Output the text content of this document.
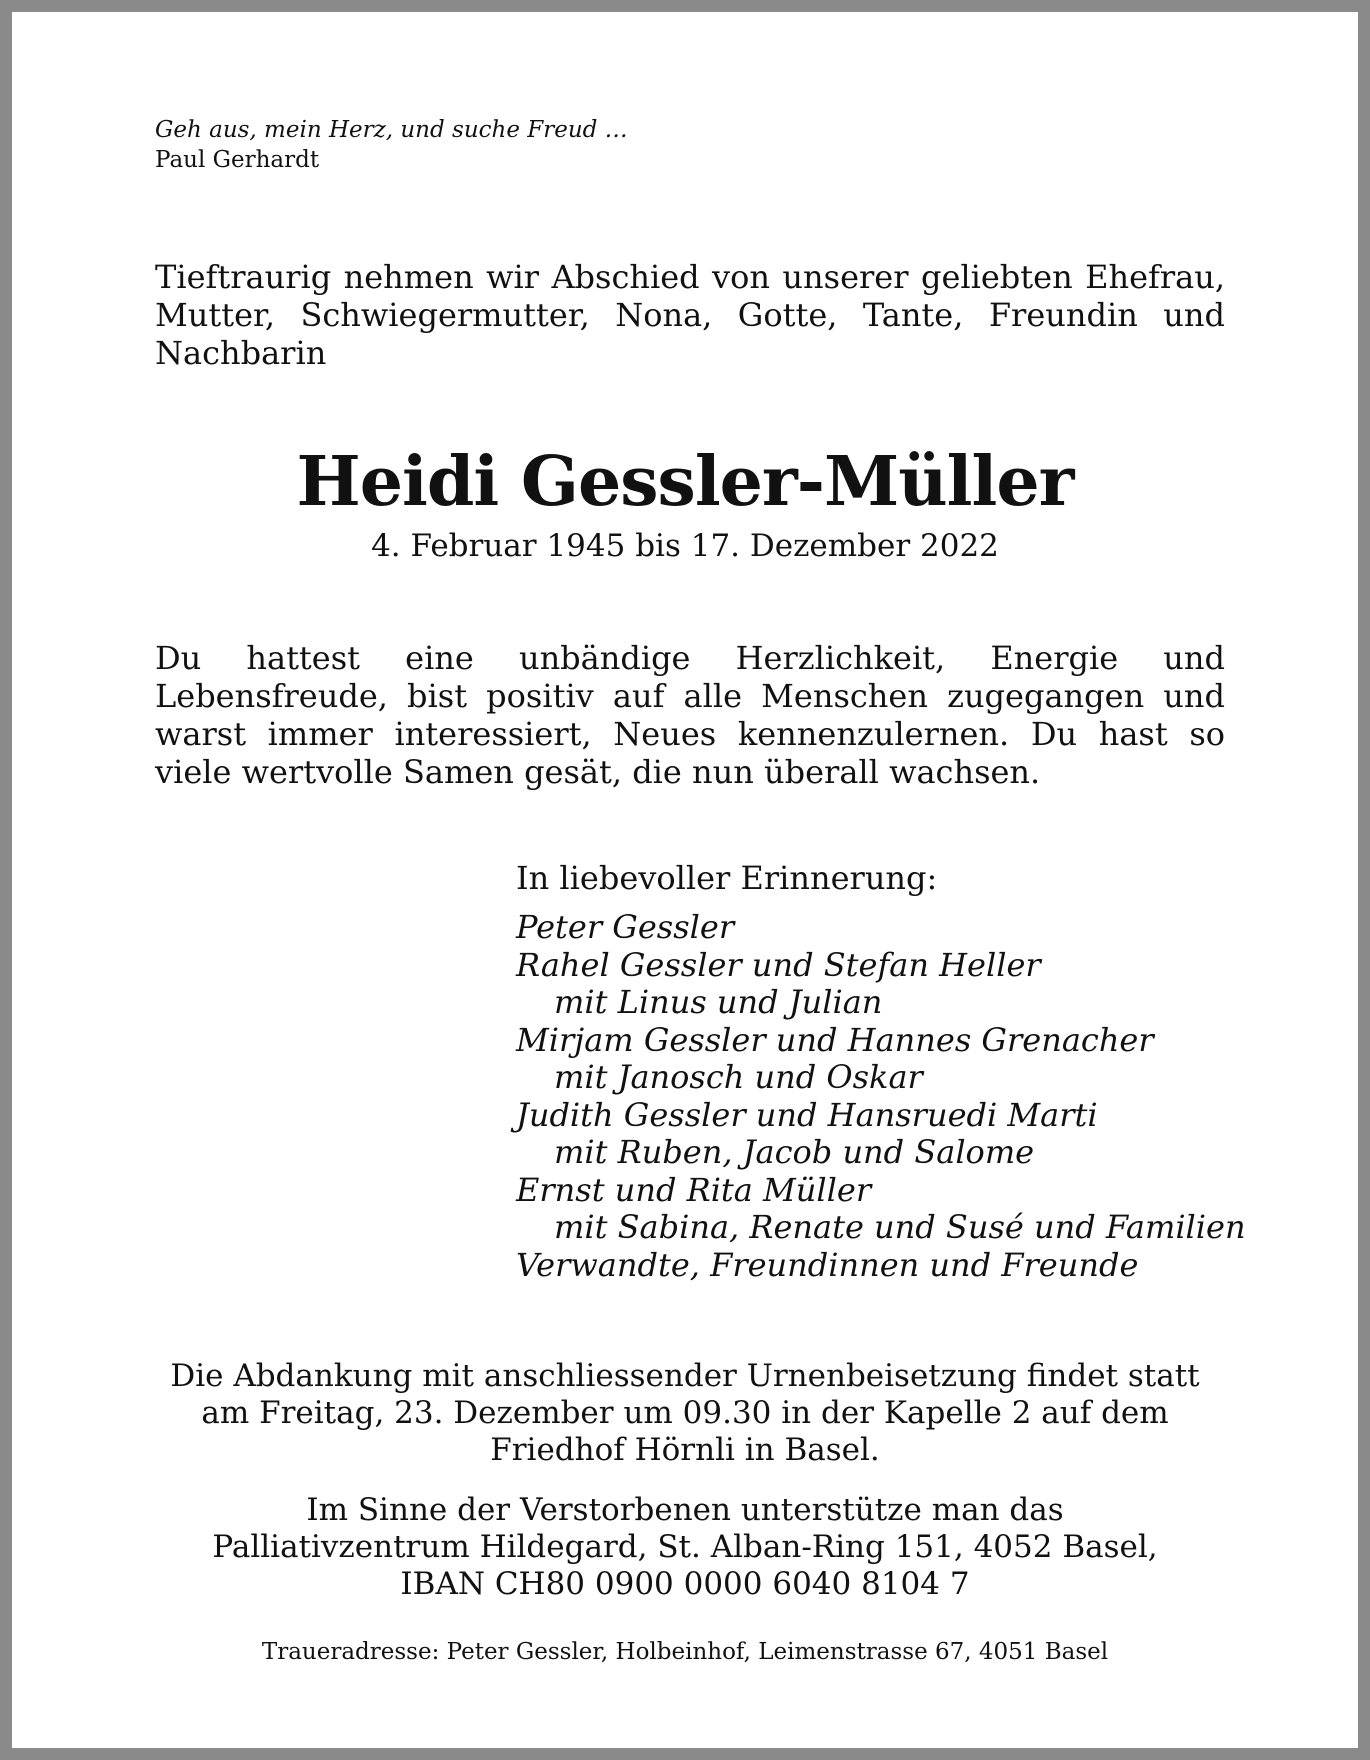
Geh aus, mein Herz, und suche Freud …
Paul Gerhardt
Tieftraurig nehmen wir Abschied von unserer geliebten Ehefrau, Mutter, Schwiegermutter, Nona, Gotte, Tante, Freundin und Nachbarin
Heidi Gessler-Müller
4. Februar 1945 bis 17. Dezember 2022
Du hattest eine unbändige Herzlichkeit, Energie und Lebensfreude, bist positiv auf alle Menschen zugegangen und warst immer interessiert, Neues kennenzulernen. Du hast so viele wertvolle Samen gesät, die nun überall wachsen.
In liebevoller Erinnerung:
Peter Gessler
Rahel Gessler und Stefan Heller
mit Linus und Julian
Mirjam Gessler und Hannes Grenacher
mit Janosch und Oskar
Judith Gessler und Hansruedi Marti
mit Ruben, Jacob und Salome
Ernst und Rita Müller
mit Sabina, Renate und Susé und Familien
Verwandte, Freundinnen und Freunde
Die Abdankung mit anschliessender Urnenbeisetzung findet statt
am Freitag, 23. Dezember um 09.30 in der Kapelle 2 auf dem
Friedhof Hörnli in Basel.
Im Sinne der Verstorbenen unterstütze man das
Palliativzentrum Hildegard, St. Alban-Ring 151, 4052 Basel,
IBAN CH80 0900 0000 6040 8104 7
Traueradresse: Peter Gessler, Holbeinhof, Leimenstrasse 67, 4051 Basel
